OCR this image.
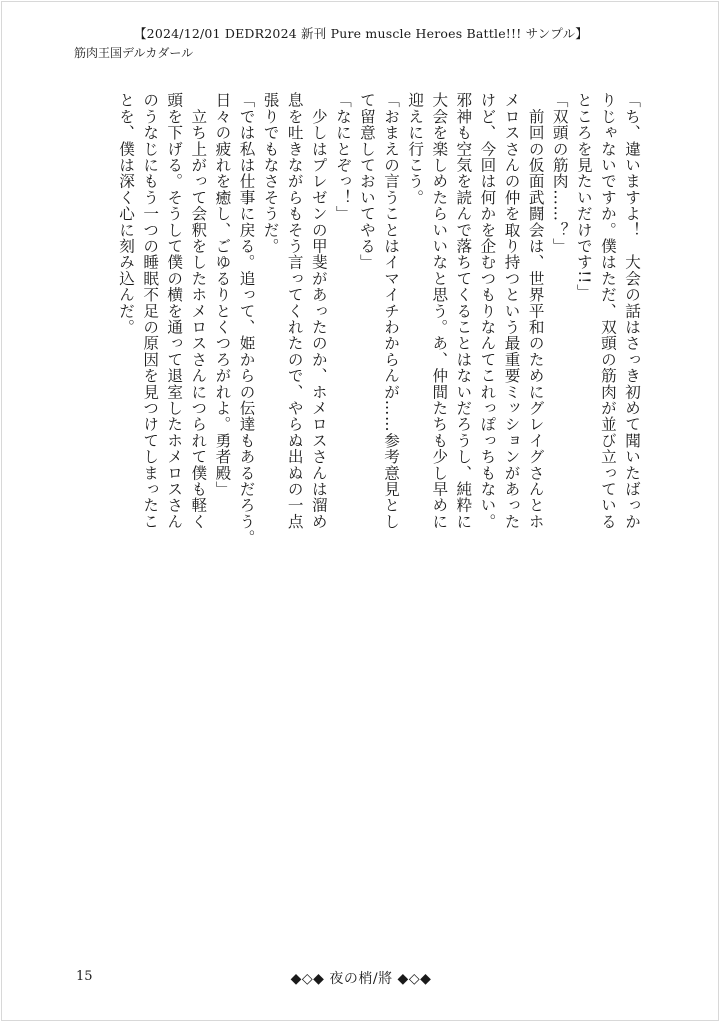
【2024/12/01 DEDR2024 新刊 Pure muscle Heroes Battle!!! サンプル】
筋肉王国デルカダール
「ち、違いますよ！　大会の話はさっき初めて聞いたばっか
りじゃないですか。僕はただ、双頭の筋肉が並び立っている
ところを見たいだけです!!」
「双頭の筋肉……？」
　前回の仮面武闘会は、世界平和のためにグレイグさんとホ
メロスさんの仲を取り持つという最重要ミッションがあった
けど、今回は何かを企むつもりなんてこれっぽっちもない。
邪神も空気を読んで落ちてくることはないだろうし、純粋に
大会を楽しめたらいいなと思う。あ、仲間たちも少し早めに
迎えに行こう。
「おまえの言うことはイマイチわからんが……参考意見とし
て留意しておいてやる」
「なにとぞっ！」
　少しはプレゼンの甲斐があったのか、ホメロスさんは溜め
息を吐きながらもそう言ってくれたので、やらぬ出ぬの一点
張りでもなさそうだ。
「では私は仕事に戻る。追って、姫からの伝達もあるだろう。
日々の疲れを癒し、ごゆるりとくつろがれよ。勇者殿」
　立ち上がって会釈をしたホメロスさんにつられて僕も軽く
頭を下げる。そうして僕の横を通って退室したホメロスさん
のうなじにもう一つの睡眠不足の原因を見つけてしまったこ
とを、僕は深く心に刻み込んだ。
15	◆◇◆ 夜の梢/將 ◆◇◆
